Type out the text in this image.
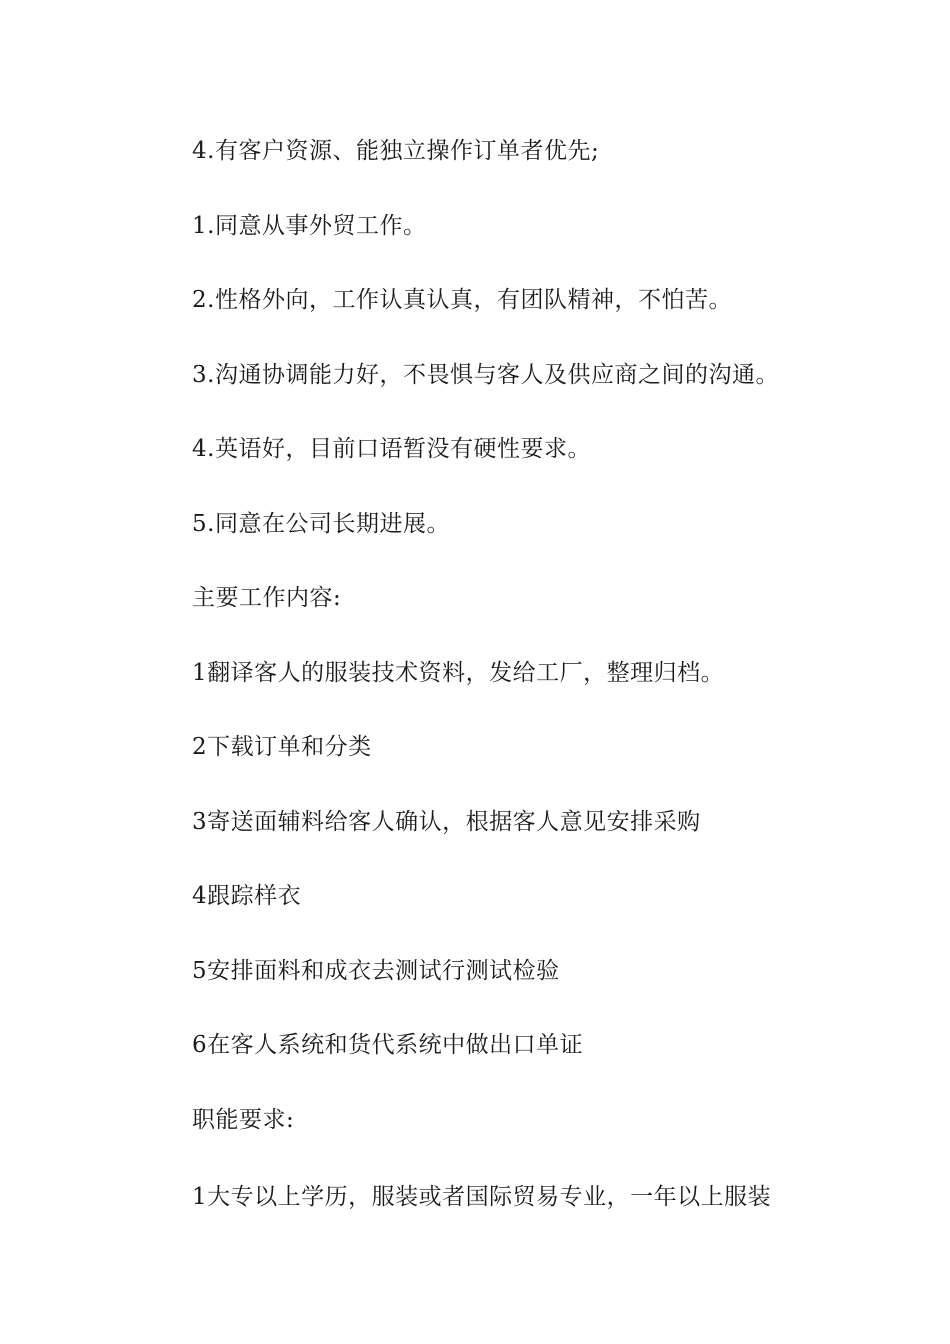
4.有客户资源、能独立操作订单者优先;

1.同意从事外贸工作。

2.性格外向，工作认真认真，有团队精神，不怕苦。

3.沟通协调能力好，不畏惧与客人及供应商之间的沟通。

4.英语好，目前口语暂没有硬性要求。

5.同意在公司长期进展。

主要工作内容:

1翻译客人的服装技术资料，发给工厂，整理归档。

2下载订单和分类

3寄送面辅料给客人确认，根据客人意见安排采购

4跟踪样衣

5安排面料和成衣去测试行测试检验

6在客人系统和货代系统中做出口单证

职能要求:

1大专以上学历，服装或者国际贸易专业，一年以上服装
